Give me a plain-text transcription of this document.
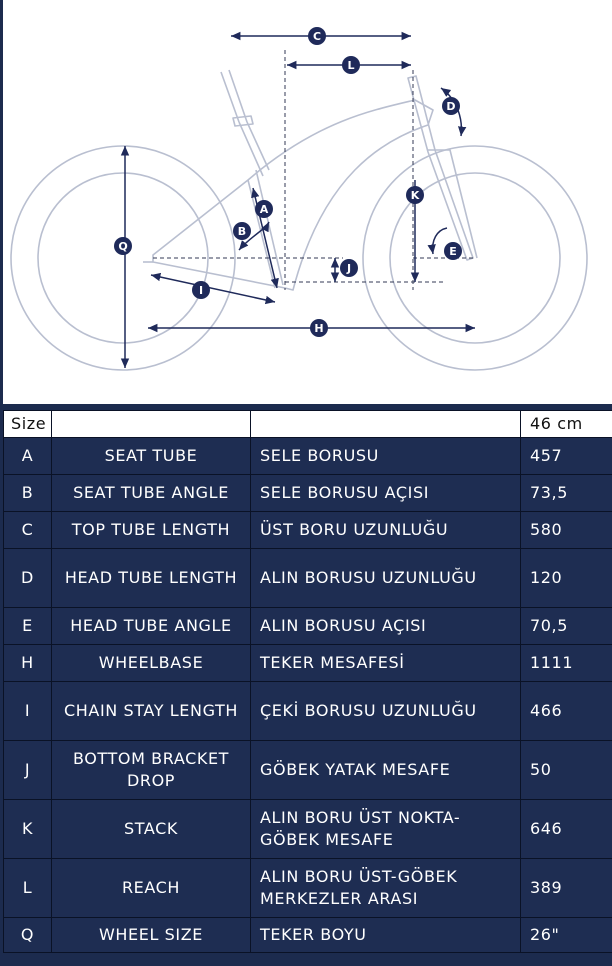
C
L
D
A
B
K
E
J
I
H
Q
Size			46 cm
A	SEAT TUBE	SELE BORUSU	457
B	SEAT TUBE ANGLE	SELE BORUSU AÇISI	73,5
C	TOP TUBE LENGTH	ÜST BORU UZUNLUĞU	580
D	HEAD TUBE LENGTH	ALIN BORUSU UZUNLUĞU	120
E	HEAD TUBE ANGLE	ALIN BORUSU AÇISI	70,5
H	WHEELBASE	TEKER MESAFESİ	1111
I	CHAIN STAY LENGTH	ÇEKİ BORUSU UZUNLUĞU	466
J	BOTTOM BRACKET DROP	GÖBEK YATAK MESAFE	50
K	STACK	ALIN BORU ÜST NOKTA-GÖBEK MESAFE	646
L	REACH	ALIN BORU ÜST-GÖBEK MERKEZLER ARASI	389
Q	WHEEL SIZE	TEKER BOYU	26"
